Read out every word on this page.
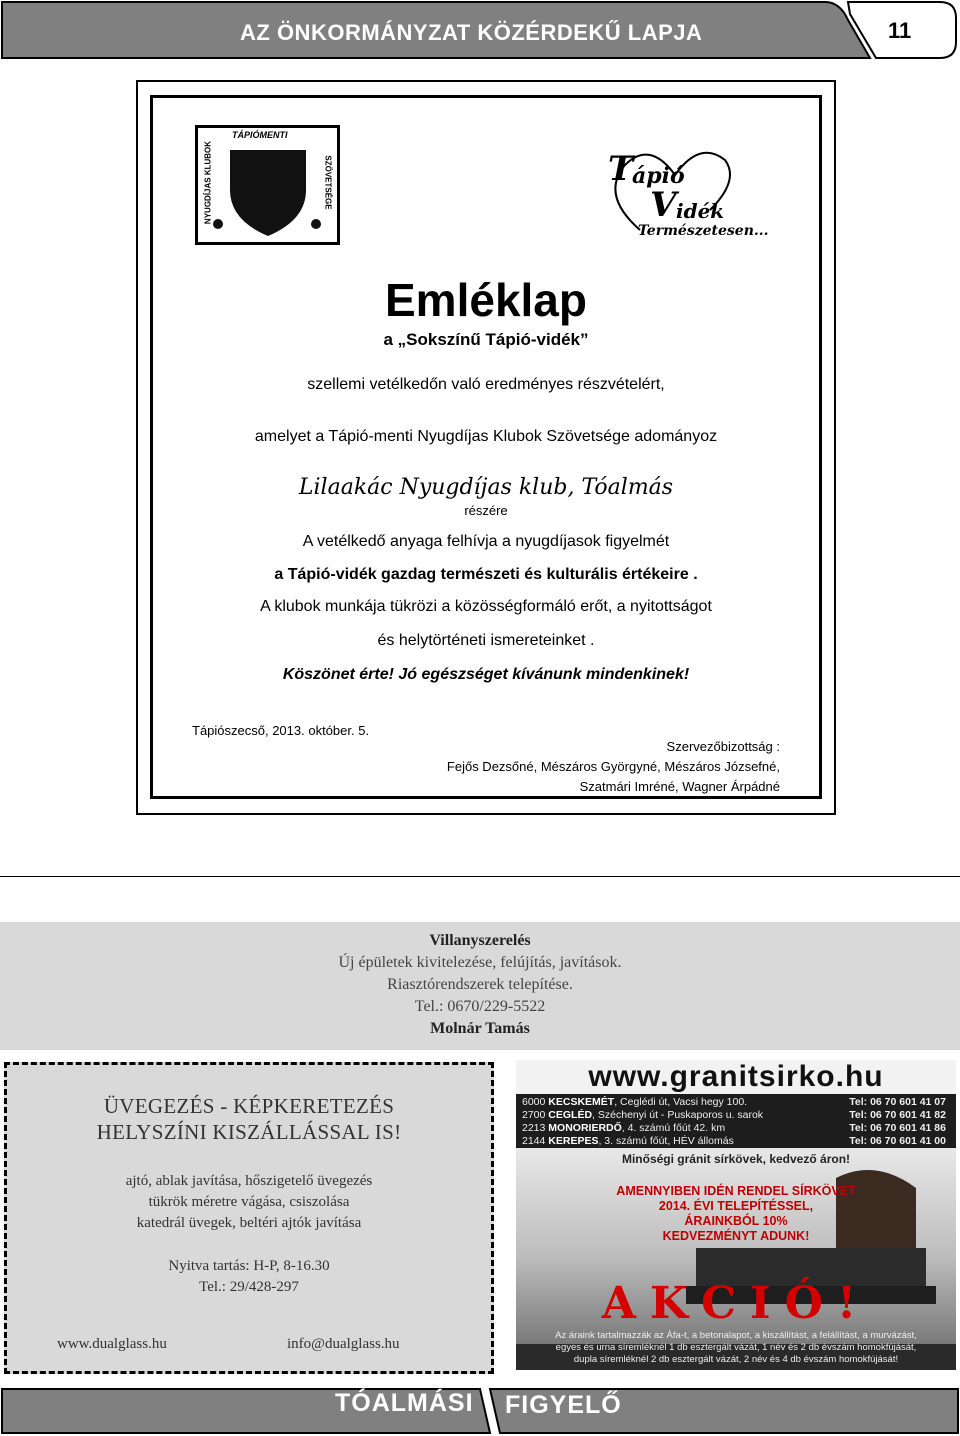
AZ ÖNKORMÁNYZAT KÖZÉRDEKŰ LAPJA	11
TÁPIÓMENTI
NYUGDÍJAS KLUBOK	SZÖVETSÉGE	T
ápió
V idék
Természetesen...
Emléklap
a „Sokszínű Tápió-vidék”
szellemi vetélkedőn való eredményes részvételért,
amelyet a Tápió-menti Nyugdíjas Klubok Szövetsége adományoz
Lilaakác Nyugdíjas klub, Tóalmás
részére
A vetélkedő anyaga felhívja a nyugdíjasok figyelmét
a Tápió-vidék gazdag természeti és kulturális értékeire .
A klubok munkája tükrözi a közösségformáló erőt, a nyitottságot
és helytörténeti ismereteinket .
Köszönet érte! Jó egészséget kívánunk mindenkinek!
Tápiószecső, 2013. október. 5.
Szervezőbizottság :
Fejős Dezsőné, Mészáros Györgyné, Mészáros Józsefné,
Szatmári Imréné, Wagner Árpádné
Villanyszerelés
Új épületek kivitelezése, felújítás, javítások.
Riasztórendszerek telepítése.
Tel.: 0670/229-5522
Molnár Tamás
ÜVEGEZÉS - KÉPKERETEZÉS
HELYSZÍNI KISZÁLLÁSSAL IS!
ajtó, ablak javítása, hőszigetelő üvegezés
tükrök méretre vágása, csiszolása
katedrál üvegek, beltéri ajtók javítása
Nyitva tartás: H-P, 8-16.30
Tel.: 29/428-297
www.dualglass.hu	info@dualglass.hu
www.granitsirko.hu
6000 KECSKEMÉT, Ceglédi út, Vacsi hegy 100.	Tel: 06 70 601 41 07
2700 CEGLÉD, Széchenyi út - Puskaporos u. sarok	Tel: 06 70 601 41 82
2213 MONORIERDŐ, 4. számú főút 42. km	Tel: 06 70 601 41 86
2144 KEREPES, 3. számú főút, HÉV állomás	Tel: 06 70 601 41 00
Minőségi gránit sírkövek, kedvező áron!
AMENNYIBEN IDÉN RENDEL SÍRKÖVET
2014. ÉVI TELEPÍTÉSSEL,
ÁRAINKBÓL 10%
KEDVEZMÉNYT ADUNK!
AKCIÓ!
Az áraink tartalmazzák az Áfa-t, a betonalapot, a kiszállítást, a felállítást, a murvázást,
egyes és urna síremléknél 1 db esztergált vázát, 1 név és 2 db évszám homokfújását,
dupla síremléknél 2 db esztergált vázát, 2 név és 4 db évszám homokfújását!
TÓALMÁSI FIGYELŐ
